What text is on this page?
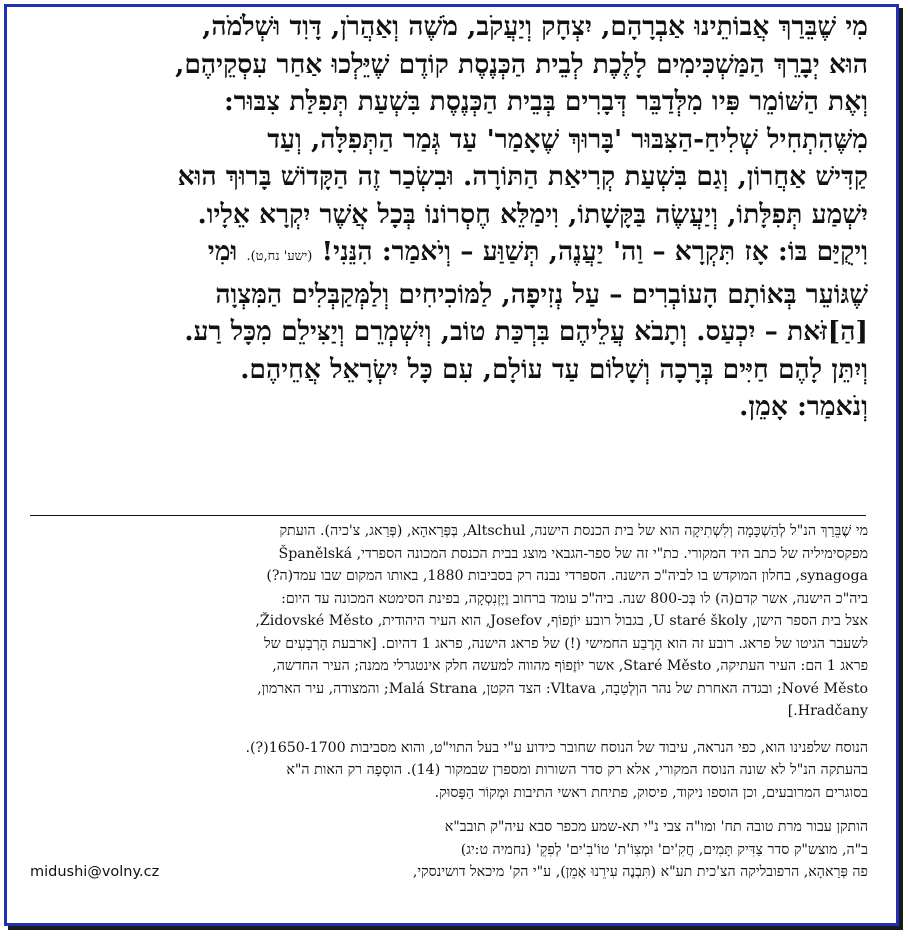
מִי שֶׁבֵּרַךְ אֲבוֹתֵינוּ אַבְרָהָם, יִצְחָק וְיַעֲקֹב, מֹשֶׁה וְאַהֲרֹן, דָּוִד וּשְׁלֹמֹה,
הוּא יְבָרֵךְ הַמַּשְׁכִּימִים לָלֶכֶת לְבֵית הַכְּנֶסֶת קוֹדֶם שֶׁיֵּלְכוּ אַחַר עִסְקֵיהֶם,
וְאֶת הַשּׁוֹמֵר פִּיו מִלְּדַבֵּר דְּבָרִים בְּבֵית הַכְּנֶסֶת בִּשְׁעַת תְּפִלַּת צִבּוּר:
מִשֶּׁהִתְחִיל שְׁלִיחַ-הַצִּבּוּר 'בָּרוּךְ שֶׁאָמַר' עַד גְּמַר הַתְּפִלָּה, וְעַד
קַדִּישׁ אַחֲרוֹן, וְגַם בִּשְׁעַת קְרִיאַת הַתּוֹרָה. וּבִשְׂכַר זֶה הַקָּדוֹשׁ בָּרוּךְ הוּא
יִשְׁמַע תְּפִלָּתוֹ, וְיַעֲשֶׂה בַּקָּשָׁתוֹ, וִימַלֵּא חֶסְרוֹנוֹ בְּכָל אֲשֶׁר יִקְרָא אֵלָיו.
וִיקֻיַּם בּוֹ: אָז תִּקְרָא – וַה' יַעֲנֶה, תְּשַׁוַּע – וְיֹאמַר: הִנֵּנִי! (ישע' נח,ט). וּמִי
שֶׁגּוֹעֵר בְּאוֹתָם הָעוֹבְרִים – עַל נְזִיפָה, לַמּוֹכִיחִים וְלַמְּקַבְּלִים הַמִּצְוָה
[הַ]זֹּאת – יִכְעַס. וְתָבֹא עֲלֵיהֶם בִּרְכַּת טוֹב, וְיִשְׁמְרֵם וְיַצִּילֵם מִכָּל רַע.
וְיִתֵּן לָהֶם חַיִּים בְּרָכָה וְשָׁלוֹם עַד עוֹלָם, עִם כָּל יִשְׂרָאֵל אֲחֵיהֶם.
וְנֹאמַר: אָמֵן.

מי שֶׁבֵּרַךְ הנ"ל לְהַשְׁכָּמָה וְלִשְׁתִיקָה הוא של בית הכנסת הישנה, Altschul, בְּפְּרַאהָא, (פְּרַאג, צ'כיה). הועתק
מפקסימיליה של כתב היד המקורי. כת"י זה של ספר-הגבאי מוצג בבית הכנסת המכונה הספרדי, Španělská
synagoga, בחלון המוקדש בו לביה"כ הישנה. הספרדי נבנה רק בסביבות 1880, באותו המקום שבו עמד(ה?)
ביה"כ הישנה, אשר קדם(ה) לו בְּכ-800 שנה. ביה"כ עומד ברחוב וֶיֶזְנִסְקָה, בפינת הסימטא המכונה עד היום:
אצל בית הספר הישן, U staré školy, בגבול רובע יוֹזֶפוֹף, Josefov, הוא העיר היהודית, Židovské Město,
לשעבר הגיטו של פראג. רובע זה הוא הָרֶבַע החמישי (!) של פראג הישנה, פראג 1 דהיום. [ארבעת הָרְבָעִים של
פראג 1 הם: העיר העתיקה, Staré Město, אשר יוֹזֶפוֹף מהווה למעשה חלק אינטגרלי ממנה; העיר החדשה,
Nové Město; ובגדה האחרת של נהר הוְלְטַבָה, Vltava: הצד הקטן, Malá Strana; והמצודה, עיר הארמון,
Hradčany.]

הנוסח שלפנינו הוא, כפי הנראה, עיבוד של הנוסח שחובר כידוע ע"י בעל התוי"ט, והוא מסביבות 1650-1700(?).
בהעתקה הנ"ל לא שונה הנוסח המקורי, אלא רק סדר השורות ומספרן שבמקור (14). הוסָפָה רק האות ה"א
בסוגרים המרובעים, וכן הוספו ניקוד, פיסוק, פתיחת ראשי התיבות וּמְקוֹר הַפָּסוּק.

הותקן עבור מרת טובה תח' ומו"ה צבי נ"י תא-שמע מכפר סבא עיה"ק תובב"א
ב"ה, מוצש"ק סדר צַדִּיק תָּמִים, חֲקִ'ים' וּמְצִוֹ'ת' טוֹ'בִ'ים' לְפִקֵ' (נחמיה ט:יג)

פה פְּרַאהָא, הרפובליקה הצ'כית תע"א (תִּבְנֶה עִירֵנוּ אָמֵן), ע"י הק' מיכאל דושינסקי,
midushi@volny.cz
